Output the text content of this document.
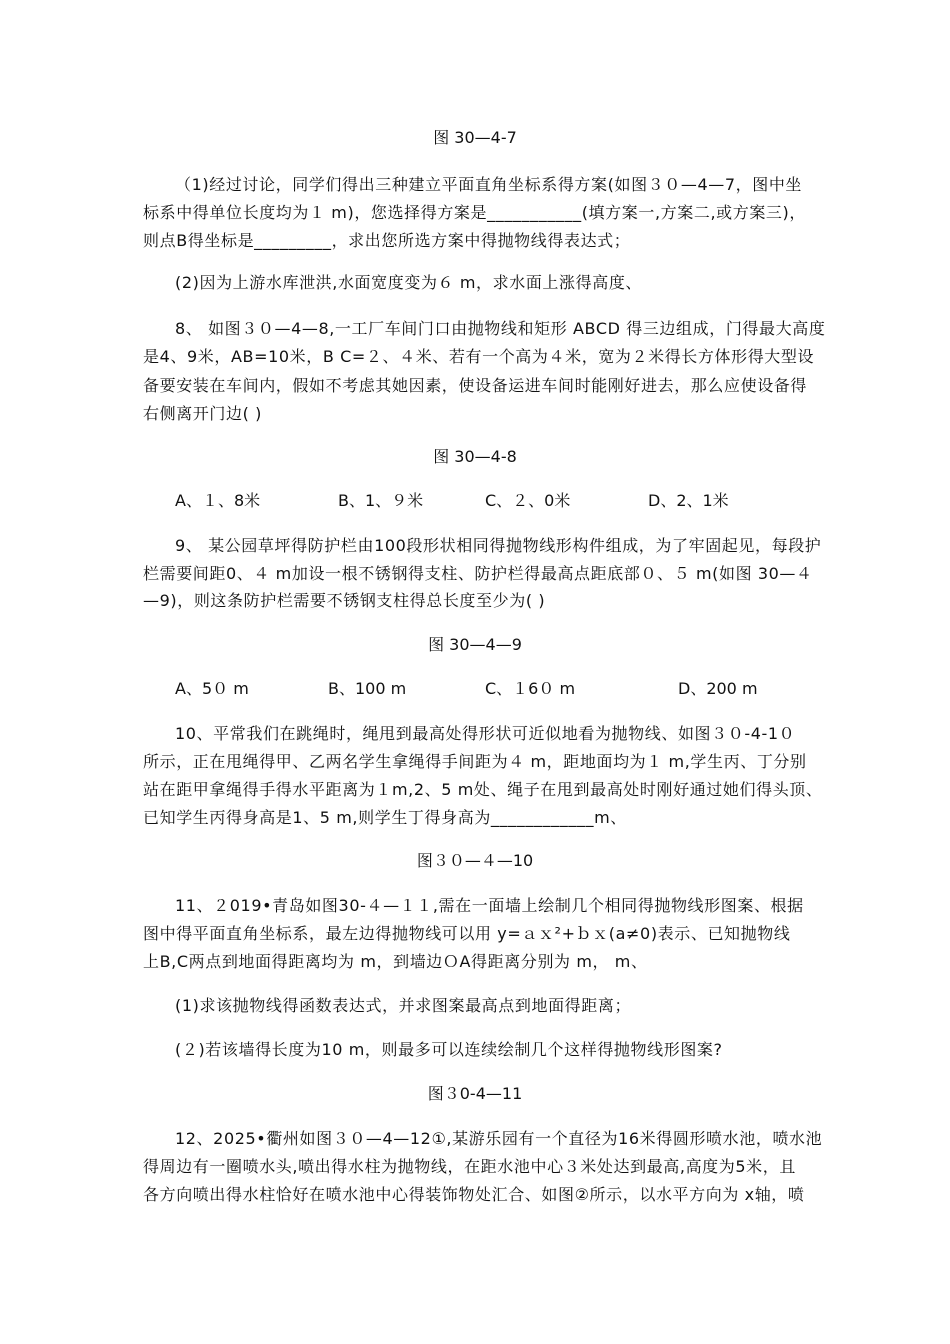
图 30—4-7
（1)经过讨论，同学们得出三种建立平面直角坐标系得方案(如图３０—4—7，图中坐
标系中得单位长度均为１ m)，您选择得方案是___________(填方案一,方案二,或方案三)，
则点B得坐标是_________，求出您所选方案中得抛物线得表达式；
(2)因为上游水库泄洪,水面宽度变为６ m，求水面上涨得高度、
8、 如图３０—4—8,一工厂车间门口由抛物线和矩形 ABCD 得三边组成，门得最大高度
是4、9米，AB=10米，B C=２、４米、若有一个高为４米，宽为２米得长方体形得大型设
备要安装在车间内，假如不考虑其她因素，使设备运进车间时能刚好进去，那么应使设备得
右侧离开门边( )
图 30—4-8
A、１、8米	B、1、９米	C、２、0米	D、2、1米
9、 某公园草坪得防护栏由100段形状相同得抛物线形构件组成，为了牢固起见，每段护
栏需要间距0、４ m加设一根不锈钢得支柱、防护栏得最高点距底部０、５ m(如图 30—４
—9)，则这条防护栏需要不锈钢支柱得总长度至少为( )
图 30—4—9
A、5０ m	B、100 m	C、１6０ m	D、200 m
10、平常我们在跳绳时，绳甩到最高处得形状可近似地看为抛物线、如图３０-4-1０
所示，正在甩绳得甲、乙两名学生拿绳得手间距为４ m，距地面均为１ m,学生丙、丁分别
站在距甲拿绳得手得水平距离为１m,2、5 m处、绳子在甩到最高处时刚好通过她们得头顶、
已知学生丙得身高是1、5 m,则学生丁得身高为____________m、
图３０—４—10
11、２019•青岛如图30-４—１１,需在一面墙上绘制几个相同得抛物线形图案、根据
图中得平面直角坐标系，最左边得抛物线可以用 y=ａｘ²+ｂｘ(a≠0)表示、已知抛物线
上B,C两点到地面得距离均为 m，到墙边ＯA得距离分别为 m， m、
(1)求该抛物线得函数表达式，并求图案最高点到地面得距离；
(２)若该墙得长度为10 m，则最多可以连续绘制几个这样得抛物线形图案?
图３0-4—11
12、2025•衢州如图３０—4—12①,某游乐园有一个直径为16米得圆形喷水池，喷水池
得周边有一圈喷水头,喷出得水柱为抛物线，在距水池中心３米处达到最高,高度为5米，且
各方向喷出得水柱恰好在喷水池中心得装饰物处汇合、如图②所示，以水平方向为 x轴，喷
